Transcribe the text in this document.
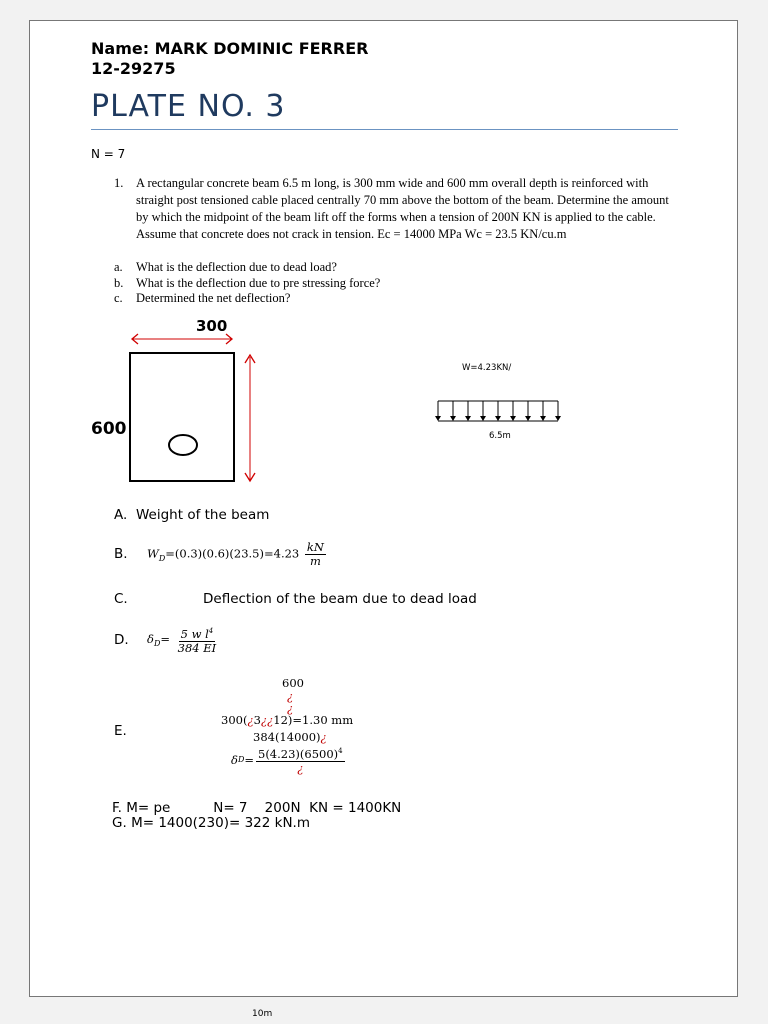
Name: MARK DOMINIC FERRER
12-29275
PLATE NO. 3
N = 7
1. A rectangular concrete beam 6.5 m long, is 300 mm wide and 600 mm overall depth is reinforced with straight post tensioned cable placed centrally 70 mm above the bottom of the beam. Determine the amount by which the midpoint of the beam lift off the forms when a tension of 200N KN is applied to the cable. Assume that concrete does not crack in tension. Ec = 14000 MPa Wc = 23.5 KN/cu.m
a. What is the deflection due to dead load?
b. What is the deflection due to pre stressing force?
c. Determined the net deflection?
300
600
W=4.23KN/
6.5m
A. Weight of the beam
B.	$W_D=(0.3)(0.6)(23.5)=4.23 \frac{kN}{m}$
C.	Deflection of the beam due to dead load
D.	$\delta_D= \frac{5 w l^4}{384 EI}$
E.
600
¿
¿
300(¿3¿¿12)=1.30 mm
384(14000)¿
δ $D = \frac{5(4.23)(6500)^4}{¿}$
F. M= pe          N= 7    200N  KN = 1400KN
G. M= 1400(230)= 322 kN.m
10m
